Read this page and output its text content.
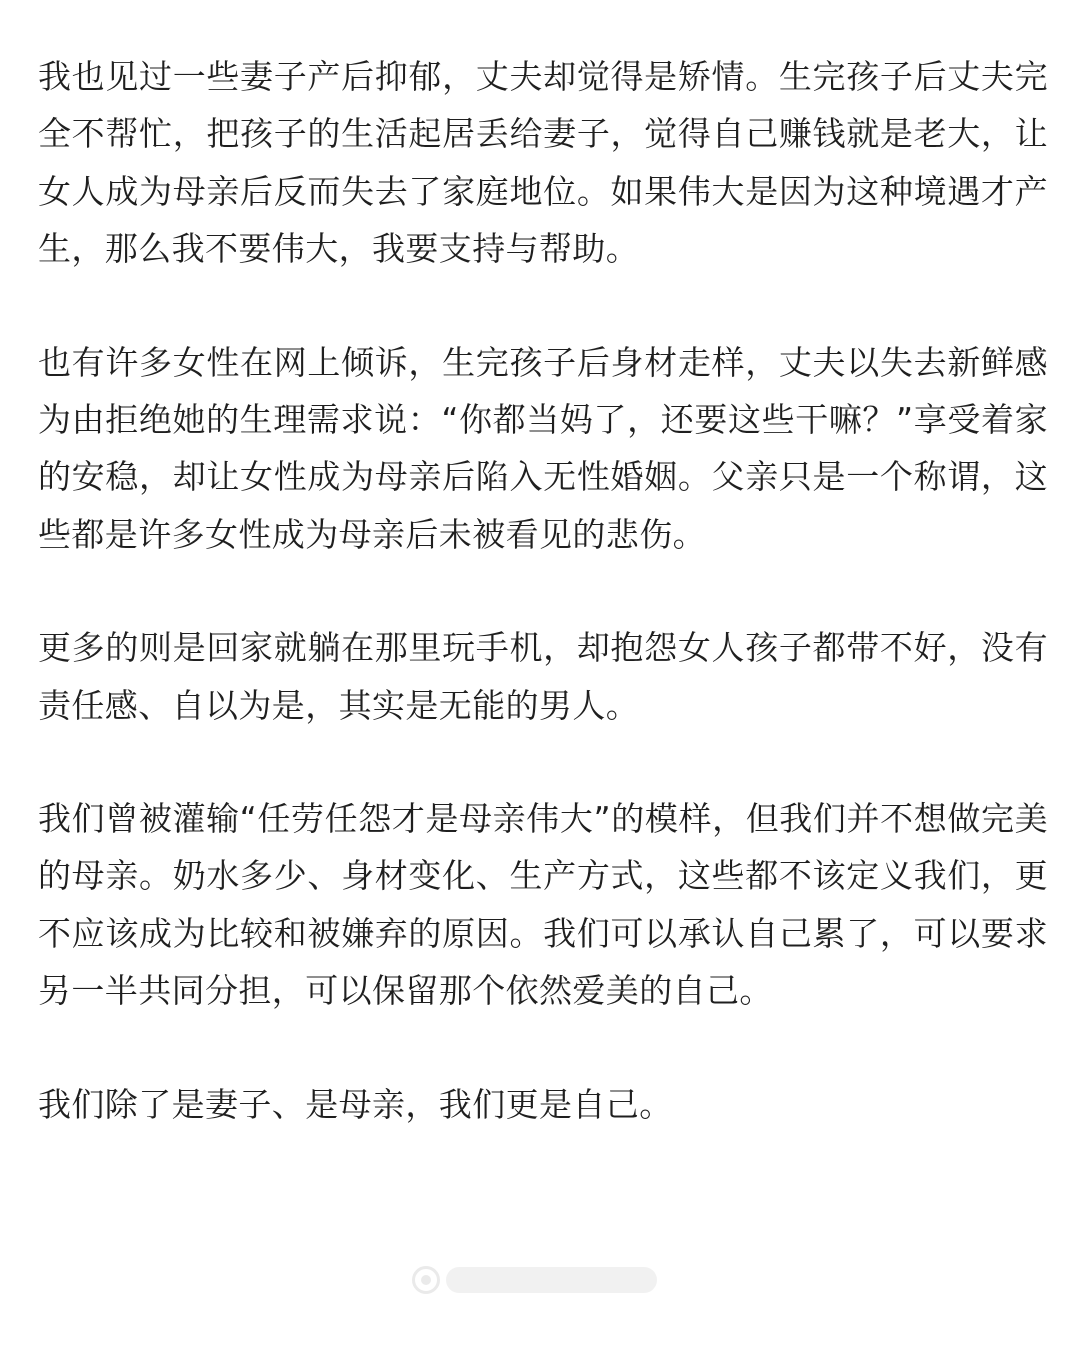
我也见过一些妻子产后抑郁，丈夫却觉得是矫情。生完孩子后丈夫完全不帮忙，把孩子的生活起居丢给妻子，觉得自己赚钱就是老大，让女人成为母亲后反而失去了家庭地位。如果伟大是因为这种境遇才产生，那么我不要伟大，我要支持与帮助。

也有许多女性在网上倾诉，生完孩子后身材走样，丈夫以失去新鲜感为由拒绝她的生理需求说：“你都当妈了，还要这些干嘛？”享受着家的安稳，却让女性成为母亲后陷入无性婚姻。父亲只是一个称谓，这些都是许多女性成为母亲后未被看见的悲伤。

更多的则是回家就躺在那里玩手机，却抱怨女人孩子都带不好，没有责任感、自以为是，其实是无能的男人。

我们曾被灌输“任劳任怨才是母亲伟大”的模样，但我们并不想做完美的母亲。奶水多少、身材变化、生产方式，这些都不该定义我们，更不应该成为比较和被嫌弃的原因。我们可以承认自己累了，可以要求另一半共同分担，可以保留那个依然爱美的自己。

我们除了是妻子、是母亲，我们更是自己。
